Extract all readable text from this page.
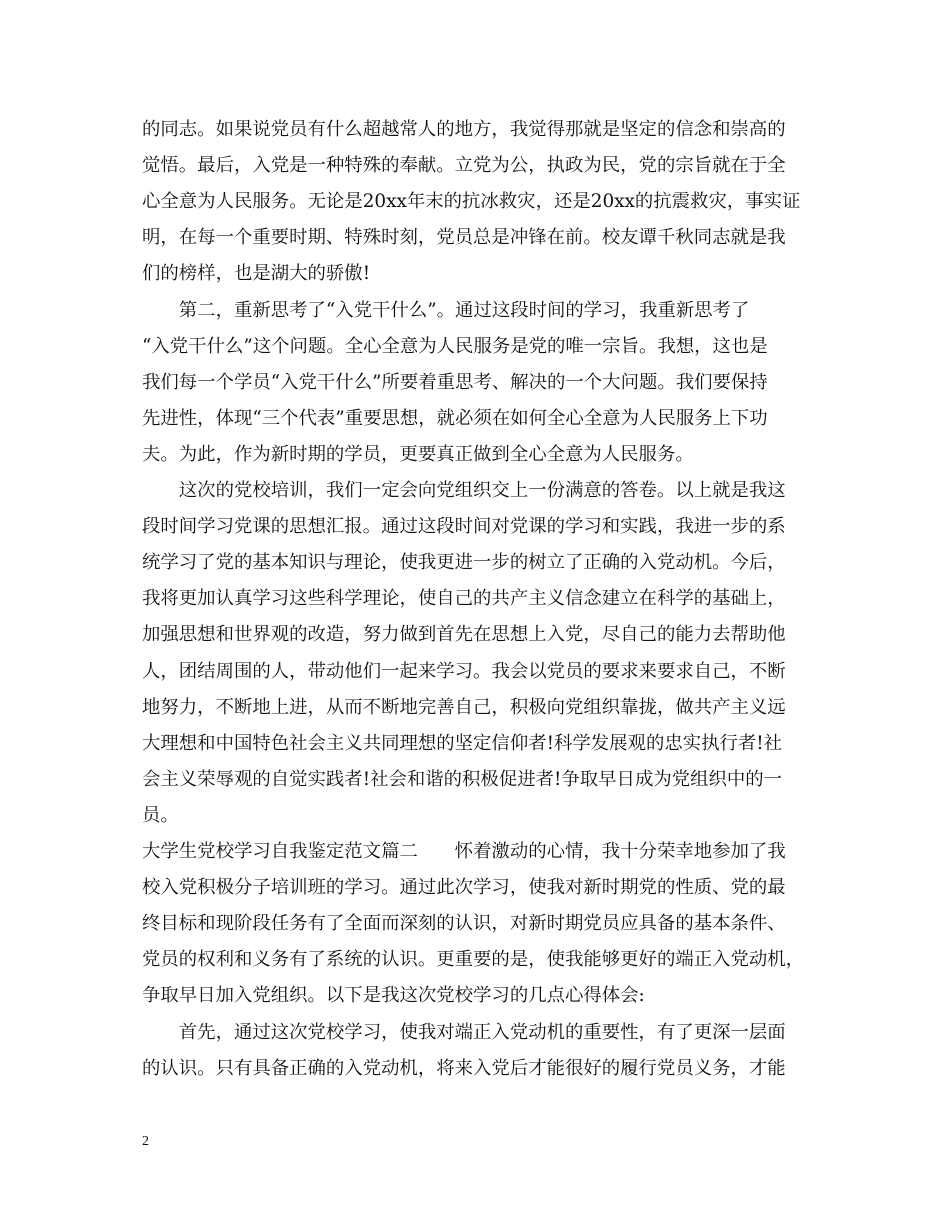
的同志。如果说党员有什么超越常人的地方，我觉得那就是坚定的信念和崇高的
觉悟。最后，入党是一种特殊的奉献。立党为公，执政为民，党的宗旨就在于全
心全意为人民服务。无论是20xx年末的抗冰救灾，还是20xx的抗震救灾，事实证
明，在每一个重要时期、特殊时刻，党员总是冲锋在前。校友谭千秋同志就是我
们的榜样，也是湖大的骄傲!
　　第二，重新思考了“入党干什么”。通过这段时间的学习，我重新思考了
“入党干什么”这个问题。全心全意为人民服务是党的唯一宗旨。我想，这也是
我们每一个学员“入党干什么”所要着重思考、解决的一个大问题。我们要保持
先进性，体现“三个代表”重要思想，就必须在如何全心全意为人民服务上下功
夫。为此，作为新时期的学员，更要真正做到全心全意为人民服务。
　　这次的党校培训，我们一定会向党组织交上一份满意的答卷。以上就是我这
段时间学习党课的思想汇报。通过这段时间对党课的学习和实践，我进一步的系
统学习了党的基本知识与理论，使我更进一步的树立了正确的入党动机。今后，
我将更加认真学习这些科学理论，使自己的共产主义信念建立在科学的基础上，
加强思想和世界观的改造，努力做到首先在思想上入党，尽自己的能力去帮助他
人，团结周围的人，带动他们一起来学习。我会以党员的要求来要求自己，不断
地努力，不断地上进，从而不断地完善自己，积极向党组织靠拢，做共产主义远
大理想和中国特色社会主义共同理想的坚定信仰者!科学发展观的忠实执行者!社
会主义荣辱观的自觉实践者!社会和谐的积极促进者!争取早日成为党组织中的一
员。
大学生党校学习自我鉴定范文篇二　　怀着激动的心情，我十分荣幸地参加了我
校入党积极分子培训班的学习。通过此次学习，使我对新时期党的性质、党的最
终目标和现阶段任务有了全面而深刻的认识，对新时期党员应具备的基本条件、
党员的权利和义务有了系统的认识。更重要的是，使我能够更好的端正入党动机，
争取早日加入党组织。以下是我这次党校学习的几点心得体会:
　　首先，通过这次党校学习，使我对端正入党动机的重要性，有了更深一层面
的认识。只有具备正确的入党动机，将来入党后才能很好的履行党员义务，才能
2
